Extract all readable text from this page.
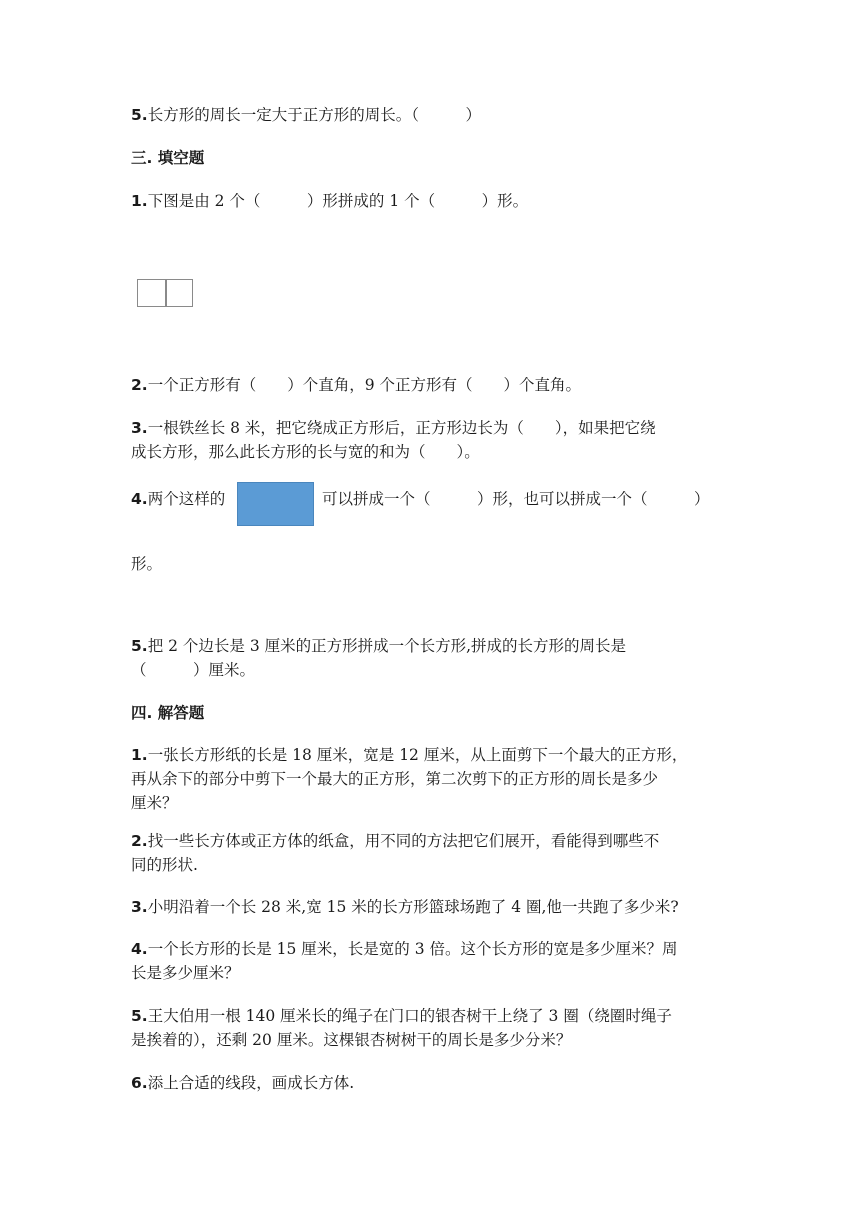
5.长方形的周长一定大于正方形的周长。（　　　）
三. 填空题
1.下图是由 2 个（　　　）形拼成的 1 个（　　　）形。
2.一个正方形有（　　）个直角，9 个正方形有（　　）个直角。
3.一根铁丝长 8 米，把它绕成正方形后，正方形边长为（　　），如果把它绕
成长方形，那么此长方形的长与宽的和为（　　）。
4.两个这样的	可以拼成一个（　　　）形，也可以拼成一个（　　　）
形。
5.把 2 个边长是 3 厘米的正方形拼成一个长方形,拼成的长方形的周长是
（　　　）厘米。
四. 解答题
1.一张长方形纸的长是 18 厘米，宽是 12 厘米，从上面剪下一个最大的正方形，
再从余下的部分中剪下一个最大的正方形，第二次剪下的正方形的周长是多少
厘米？
2.找一些长方体或正方体的纸盒，用不同的方法把它们展开，看能得到哪些不
同的形状.
3.小明沿着一个长 28 米,宽 15 米的长方形篮球场跑了 4 圈,他一共跑了多少米?
4.一个长方形的长是 15 厘米，长是宽的 3 倍。这个长方形的宽是多少厘米？周
长是多少厘米？
5.王大伯用一根 140 厘米长的绳子在门口的银杏树干上绕了 3 圈（绕圈时绳子
是挨着的），还剩 20 厘米。这棵银杏树树干的周长是多少分米？
6.添上合适的线段，画成长方体.
